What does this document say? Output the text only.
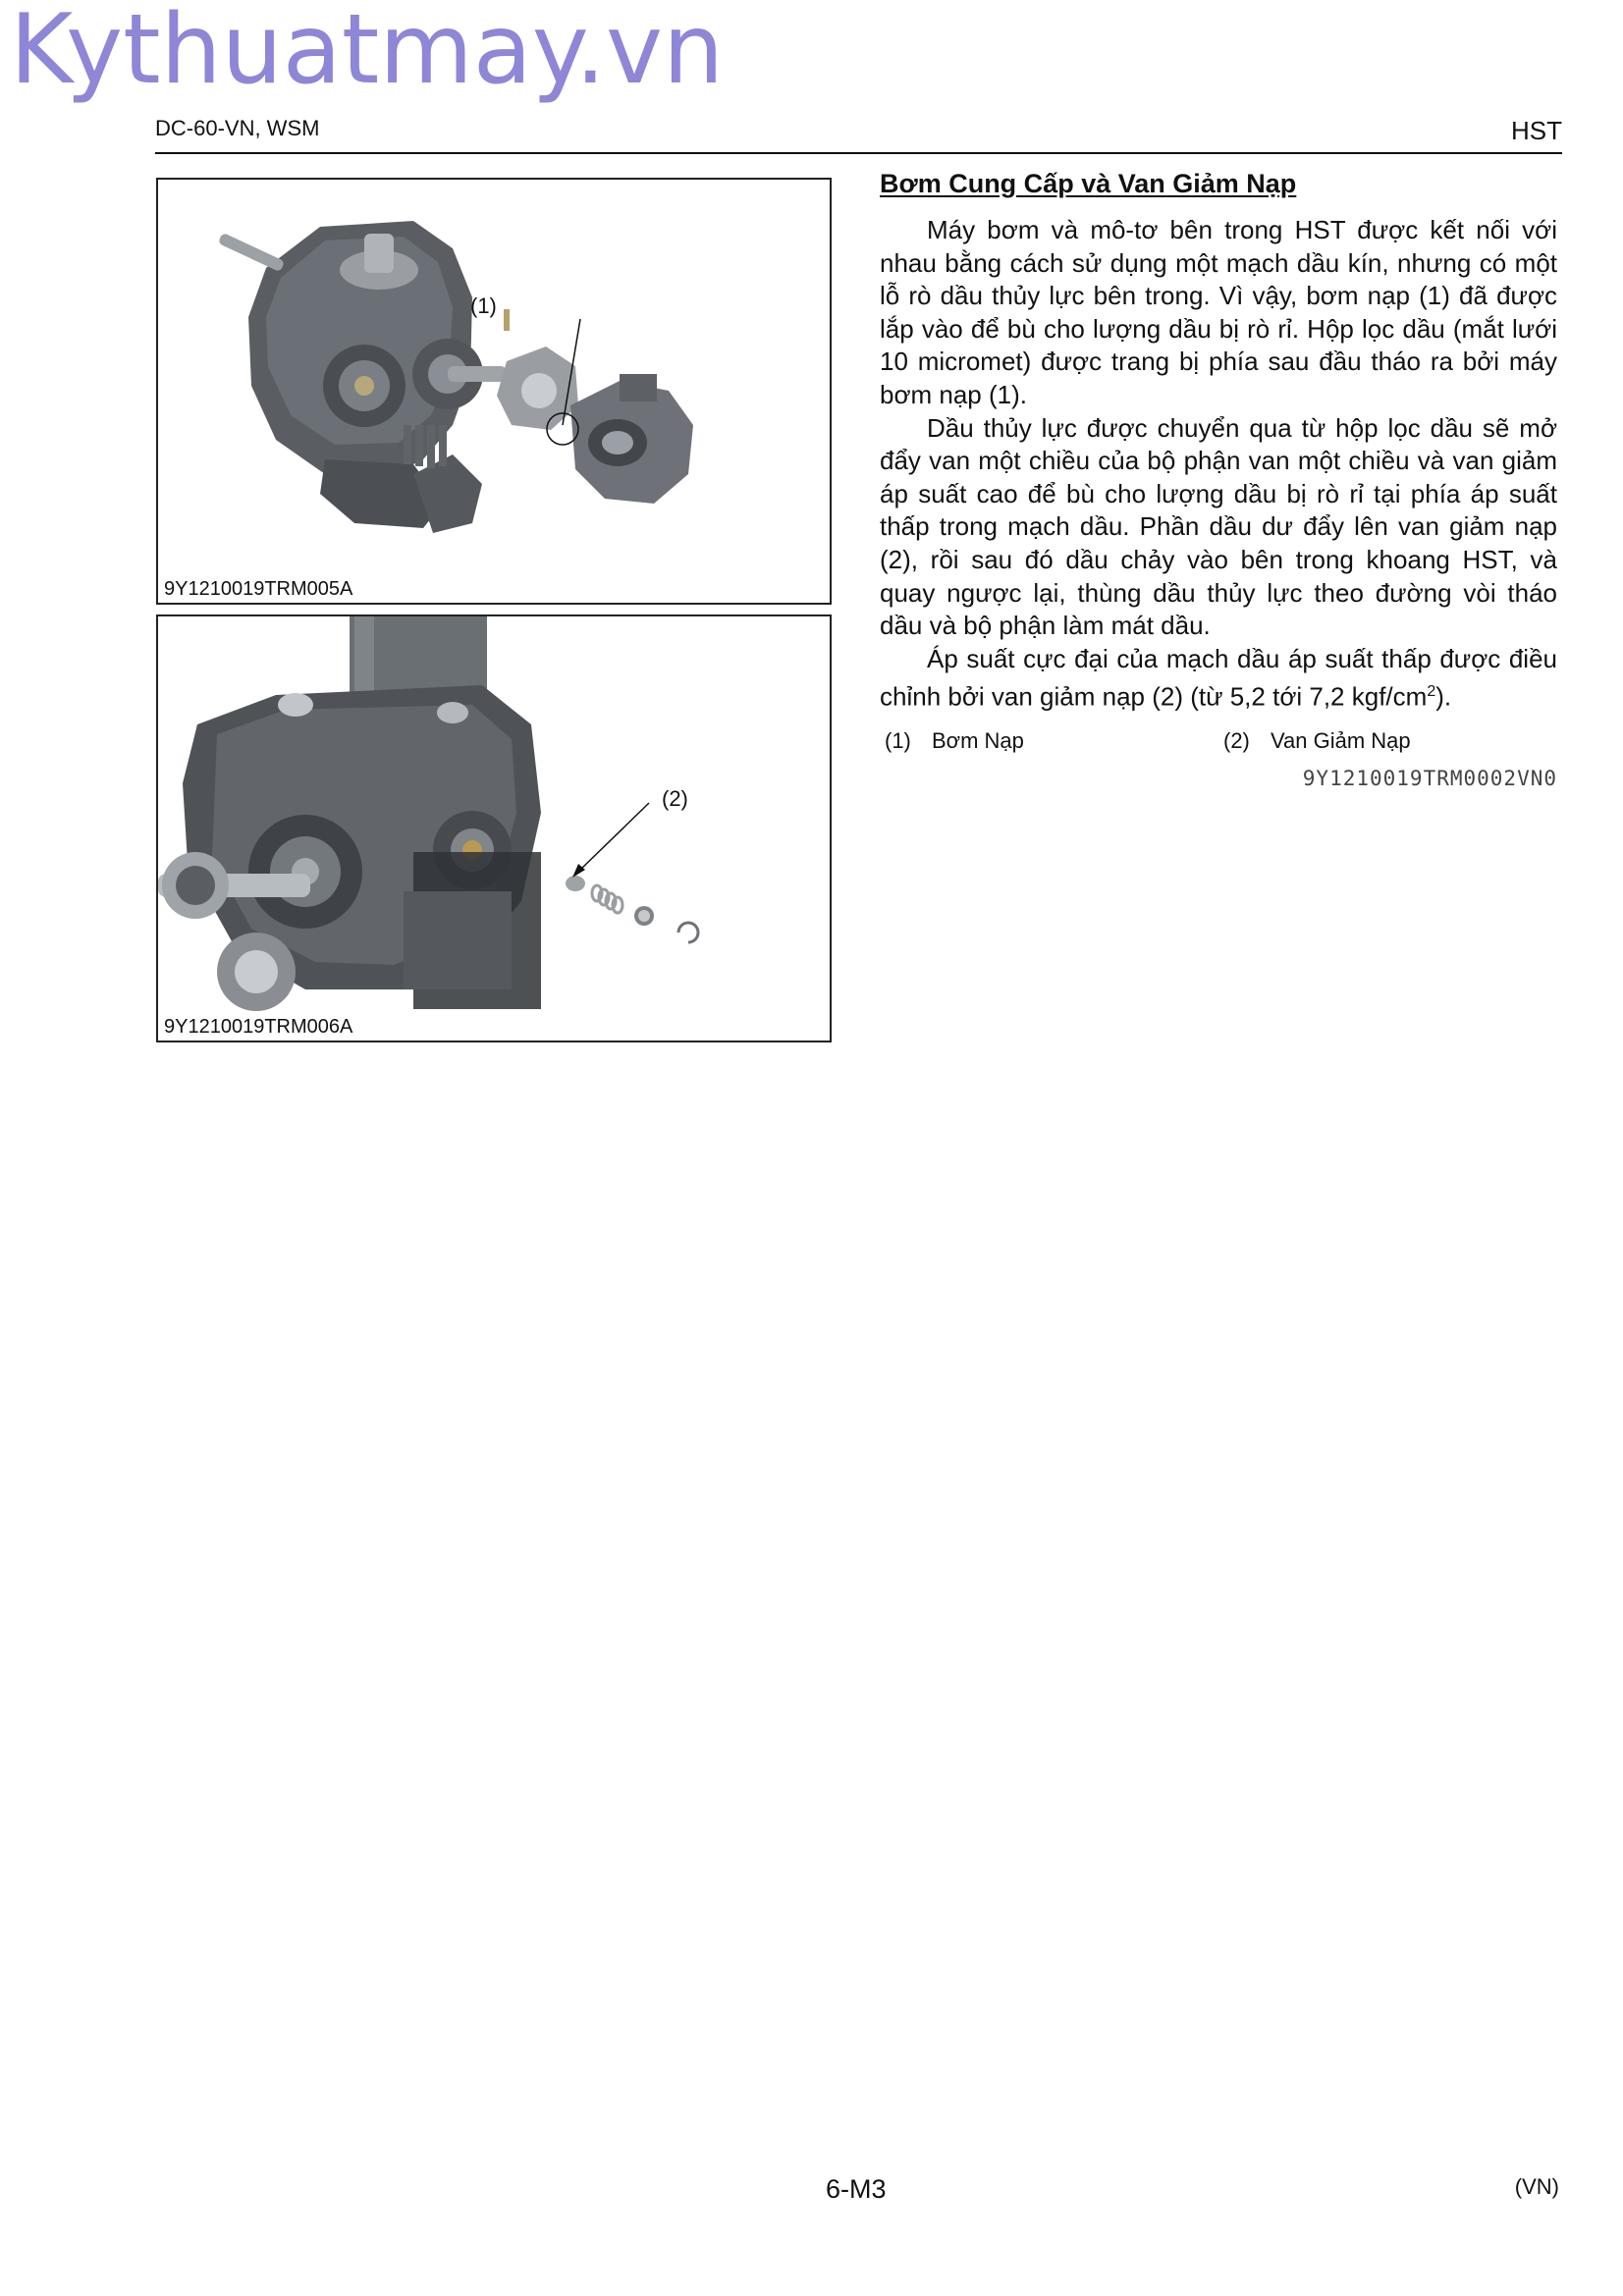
Kythuatmay.vn
DC-60-VN, WSM	HST
(1)
9Y1210019TRM005A
(2)
9Y1210019TRM006A
Bơm Cung Cấp và Van Giảm Nạp

Máy bơm và mô-tơ bên trong HST được kết nối với nhau bằng cách sử dụng một mạch dầu kín, nhưng có một lỗ rò dầu thủy lực bên trong. Vì vậy, bơm nạp (1) đã được lắp vào để bù cho lượng dầu bị rò rỉ. Hộp lọc dầu (mắt lưới 10 micromet) được trang bị phía sau đầu tháo ra bởi máy bơm nạp (1).

Dầu thủy lực được chuyển qua từ hộp lọc dầu sẽ mở đẩy van một chiều của bộ phận van một chiều và van giảm áp suất cao để bù cho lượng dầu bị rò rỉ tại phía áp suất thấp trong mạch dầu. Phần dầu dư đẩy lên van giảm nạp (2), rồi sau đó dầu chảy vào bên trong khoang HST, và quay ngược lại, thùng dầu thủy lực theo đường vòi tháo dầu và bộ phận làm mát dầu.

Áp suất cực đại của mạch dầu áp suất thấp được điều chỉnh bởi van giảm nạp (2) (từ 5,2 tới 7,2 kgf/$cm^2$).

(1) Bơm Nạp	(2) Van Giảm Nạp
9Y1210019TRM0002VN0
6-M3	(VN)
